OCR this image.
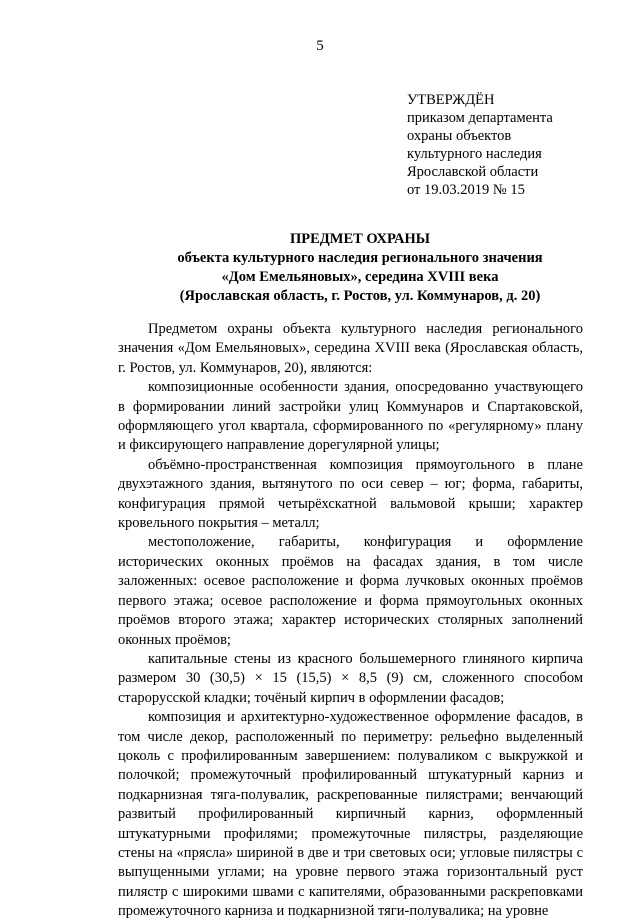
5
УТВЕРЖДЁН
приказом департамента
охраны объектов
культурного наследия
Ярославской области
от 19.03.2019 № 15
ПРЕДМЕТ ОХРАНЫ
объекта культурного наследия регионального значения
«Дом Емельяновых», середина XVIII века
(Ярославская область, г. Ростов, ул. Коммунаров, д. 20)

Предметом охраны объекта культурного наследия регионального значения «Дом Емельяновых», середина XVIII века (Ярославская область, г. Ростов, ул. Коммунаров, 20), являются:

композиционные особенности здания, опосредованно участвующего в формировании линий застройки улиц Коммунаров и Спартаковской, оформляющего угол квартала, сформированного по «регулярному» плану и фиксирующего направление дорегулярной улицы;

объёмно-пространственная композиция прямоугольного в плане двухэтажного здания, вытянутого по оси север – юг; форма, габариты, конфигурация прямой четырёхскатной вальмовой крыши; характер кровельного покрытия – металл;

местоположение, габариты, конфигурация и оформление исторических оконных проёмов на фасадах здания, в том числе заложенных: осевое расположение и форма лучковых оконных проёмов первого этажа; осевое расположение и форма прямоугольных оконных проёмов второго этажа; характер исторических столярных заполнений оконных проёмов;

капитальные стены из красного большемерного глиняного кирпича размером 30 (30,5) × 15 (15,5) × 8,5 (9) см, сложенного способом старорусской кладки; точёный кирпич в оформлении фасадов;

композиция и архитектурно-художественное оформление фасадов, в том числе декор, расположенный по периметру: рельефно выделенный цоколь с профилированным завершением: полувaликом с выкружкой и полочкой; промежуточный профилированный штукатурный карниз и подкарнизная тяга-полувалик, раскрепованные пилястрами; венчающий развитый профилированный кирпичный карниз, оформленный штукатурными профилями; промежуточные пилястры, разделяющие стены на «прясла» шириной в две и три световых оси; угловые пилястры с выпущенными углами; на уровне первого этажа горизонтальный руст пилястр с широкими швами с капителями, образованными раскреповками промежуточного карниза и подкарнизной тяги-полувалика; на уровне
